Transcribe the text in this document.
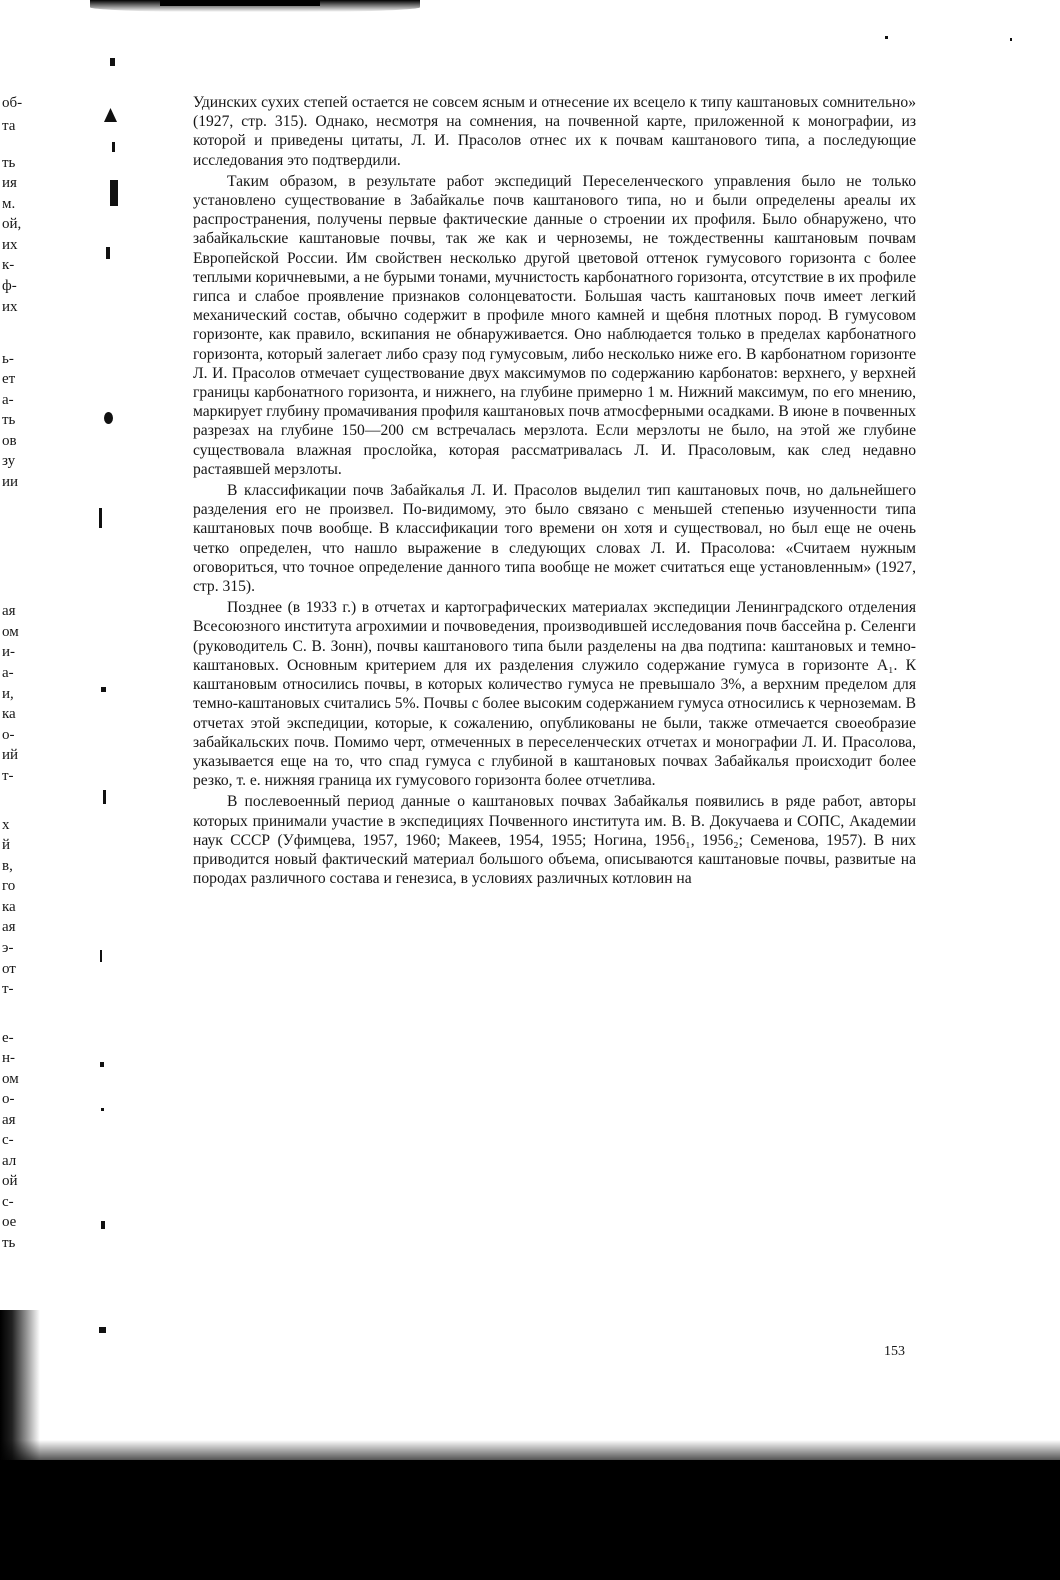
об-
та
ть
ия
м.
ой,
их
к-
ф-
их
ь-
ет
а-
ть
ов
зу
ии
ая
ом
и-
а-
и,
ка
о-
ий
т-
х
й
в,
го
ка
ая
э-
от
т-
е-
н-
ом
о-
ая
с-
ал
ой
с-
ое
ть

Удинских сухих степей остается не совсем ясным и отнесение их всецело к типу каштановых сомнительно» (1927, стр. 315). Однако, несмотря на сомнения, на почвенной карте, приложенной к монографии, из которой и приведены цитаты, Л. И. Прасолов отнес их к почвам каштанового типа, а последующие исследования это подтвердили.

Таким образом, в результате работ экспедиций Переселенческого управления было не только установлено существование в Забайкалье почв каштанового типа, но и были определены ареалы их распространения, получены первые фактические данные о строении их профиля. Было обнаружено, что забайкальские каштановые почвы, так же как и черноземы, не тождественны каштановым почвам Европейской России. Им свойствен несколько другой цветовой оттенок гумусового горизонта с более теплыми коричневыми, а не бурыми тонами, мучнистость карбонатного горизонта, отсутствие в их профиле гипса и слабое проявление признаков солонцеватости. Большая часть каштановых почв имеет легкий механический состав, обычно содержит в профиле много камней и щебня плотных пород. В гумусовом горизонте, как правило, вскипания не обнаруживается. Оно наблюдается только в пределах карбонатного горизонта, который залегает либо сразу под гумусовым, либо несколько ниже его. В карбонатном горизонте Л. И. Прасолов отмечает существование двух максимумов по содержанию карбонатов: верхнего, у верхней границы карбонатного горизонта, и нижнего, на глубине примерно 1 м. Нижний максимум, по его мнению, маркирует глубину промачивания профиля каштановых почв атмосферными осадками. В июне в почвенных разрезах на глубине 150—200 см встречалась мерзлота. Если мерзлоты не было, на этой же глубине существовала влажная прослойка, которая рассматривалась Л. И. Прасоловым, как след недавно растаявшей мерзлоты.

В классификации почв Забайкалья Л. И. Прасолов выделил тип каштановых почв, но дальнейшего разделения его не произвел. По-видимому, это было связано с меньшей степенью изученности типа каштановых почв вообще. В классификации того времени он хотя и существовал, но был еще не очень четко определен, что нашло выражение в следующих словах Л. И. Прасолова: «Считаем нужным оговориться, что точное определение данного типа вообще не может считаться еще установленным» (1927, стр. 315).

Позднее (в 1933 г.) в отчетах и картографических материалах экспедиции Ленинградского отделения Всесоюзного института агрохимии и почвоведения, производившей исследования почв бассейна р. Селенги (руководитель С. В. Зонн), почвы каштанового типа были разделены на два подтипа: каштановых и темно-каштановых. Основным критерием для их разделения служило содержание гумуса в горизонте А₁. К каштановым относились почвы, в которых количество гумуса не превышало 3%, а верхним пределом для темно-каштановых считались 5%. Почвы с более высоким содержанием гумуса относились к черноземам. В отчетах этой экспедиции, которые, к сожалению, опубликованы не были, также отмечается своеобразие забайкальских почв. Помимо черт, отмеченных в переселенческих отчетах и монографии Л. И. Прасолова, указывается еще на то, что спад гумуса с глубиной в каштановых почвах Забайкалья происходит более резко, т. е. нижняя граница их гумусового горизонта более отчетлива.

В послевоенный период данные о каштановых почвах Забайкалья появились в ряде работ, авторы которых принимали участие в экспедициях Почвенного института им. В. В. Докучаева и СОПС, Академии наук СССР (Уфимцева, 1957, 1960; Макеев, 1954, 1955; Ногина, 1956₁, 1956₂; Семенова, 1957). В них приводится новый фактический материал большого объема, описываются каштановые почвы, развитые на породах различного состава и генезиса, в условиях различных котловин на

153
